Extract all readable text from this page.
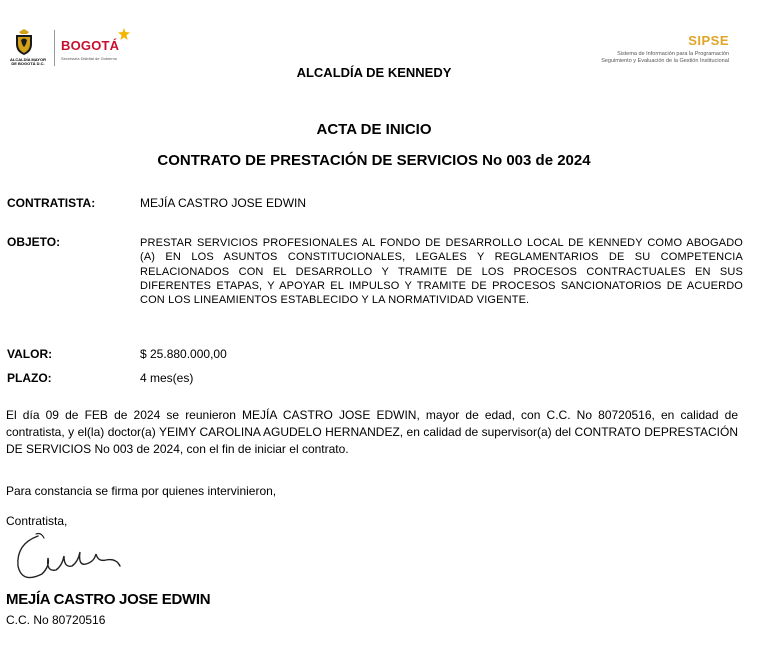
ALCALDÍA MAYOR DE BOGOTÁ D.C.
BOGOTÁ
Secretaría Distrital de Gobierno
SIPSE
Sistema de Información para la Programación
Seguimiento y Evaluación de la Gestión Institucional
ALCALDÍA DE KENNEDY
ACTA DE INICIO
CONTRATO DE PRESTACIÓN DE SERVICIOS No 003 de 2024
CONTRATISTA:	MEJÍA CASTRO JOSE EDWIN
OBJETO:	PRESTAR SERVICIOS PROFESIONALES AL FONDO DE DESARROLLO LOCAL DE KENNEDY COMO ABOGADO (A) EN LOS ASUNTOS CONSTITUCIONALES, LEGALES Y REGLAMENTARIOS DE SU COMPETENCIA RELACIONADOS CON EL DESARROLLO Y TRAMITE DE LOS PROCESOS CONTRACTUALES EN SUS DIFERENTES ETAPAS, Y APOYAR EL IMPULSO Y TRAMITE DE PROCESOS SANCIONATORIOS DE ACUERDO CON LOS LINEAMIENTOS ESTABLECIDO Y LA NORMATIVIDAD VIGENTE.
VALOR:	$ 25.880.000,00
PLAZO:	4 mes(es)
El día 09 de FEB de 2024 se reunieron MEJÍA CASTRO JOSE EDWIN, mayor de edad, con C.C. No 80720516, en calidad de contratista, y el(la) doctor(a) YEIMY CAROLINA AGUDELO HERNANDEZ, en calidad de supervisor(a) del CONTRATO DEPRESTACIÓN DE SERVICIOS No 003 de 2024, con el fin de iniciar el contrato.
Para constancia se firma por quienes intervinieron,
Contratista,
MEJÍA CASTRO JOSE EDWIN
C.C. No 80720516
